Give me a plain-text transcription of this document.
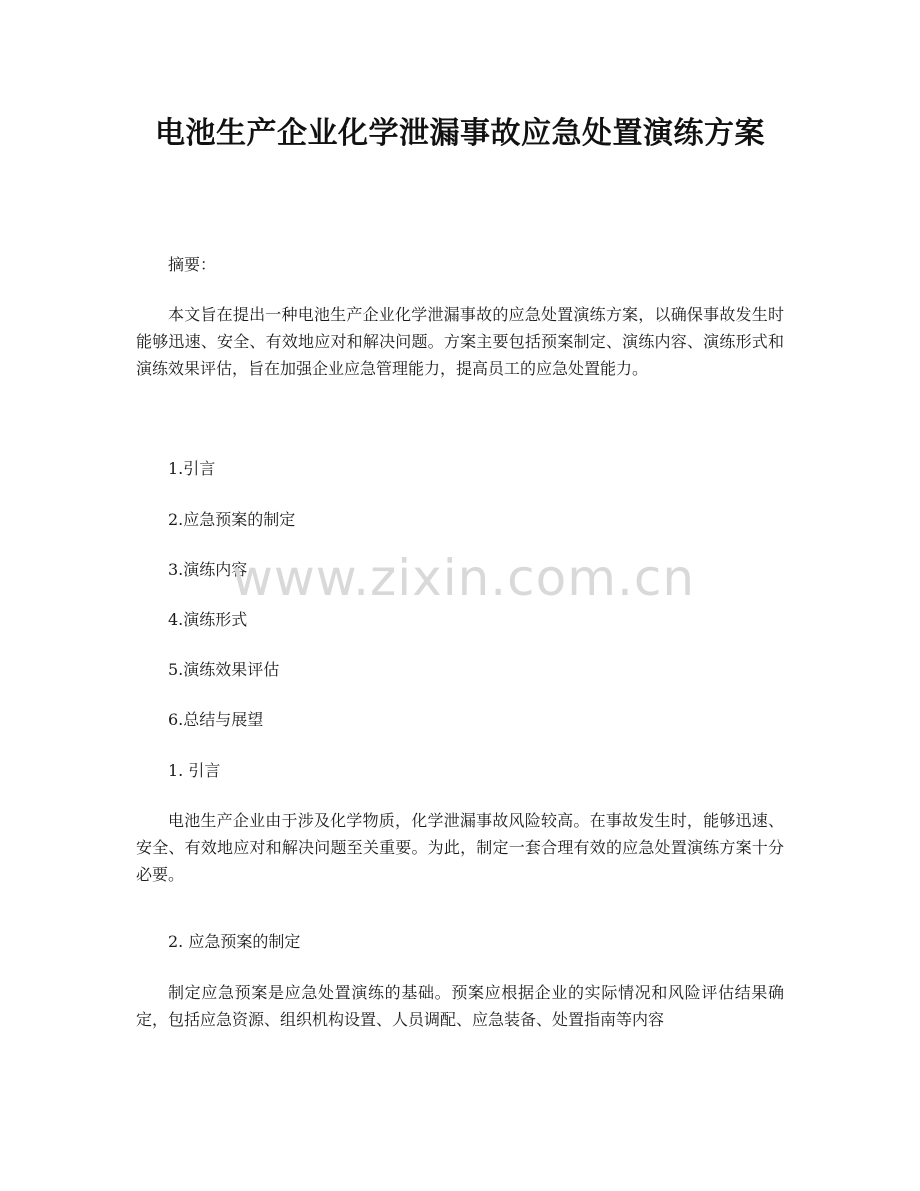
电池生产企业化学泄漏事故应急处置演练方案

摘要：

本文旨在提出一种电池生产企业化学泄漏事故的应急处置演练方案，以确保事故发生时能够迅速、安全、有效地应对和解决问题。方案主要包括预案制定、演练内容、演练形式和演练效果评估，旨在加强企业应急管理能力，提高员工的应急处置能力。

1.引言

2.应急预案的制定

3.演练内容

4.演练形式

5.演练效果评估

6.总结与展望

1. 引言

电池生产企业由于涉及化学物质，化学泄漏事故风险较高。在事故发生时，能够迅速、安全、有效地应对和解决问题至关重要。为此，制定一套合理有效的应急处置演练方案十分必要。

2. 应急预案的制定

制定应急预案是应急处置演练的基础。预案应根据企业的实际情况和风险评估结果确定，包括应急资源、组织机构设置、人员调配、应急装备、处置指南等内容

www.zixin.com.cn
